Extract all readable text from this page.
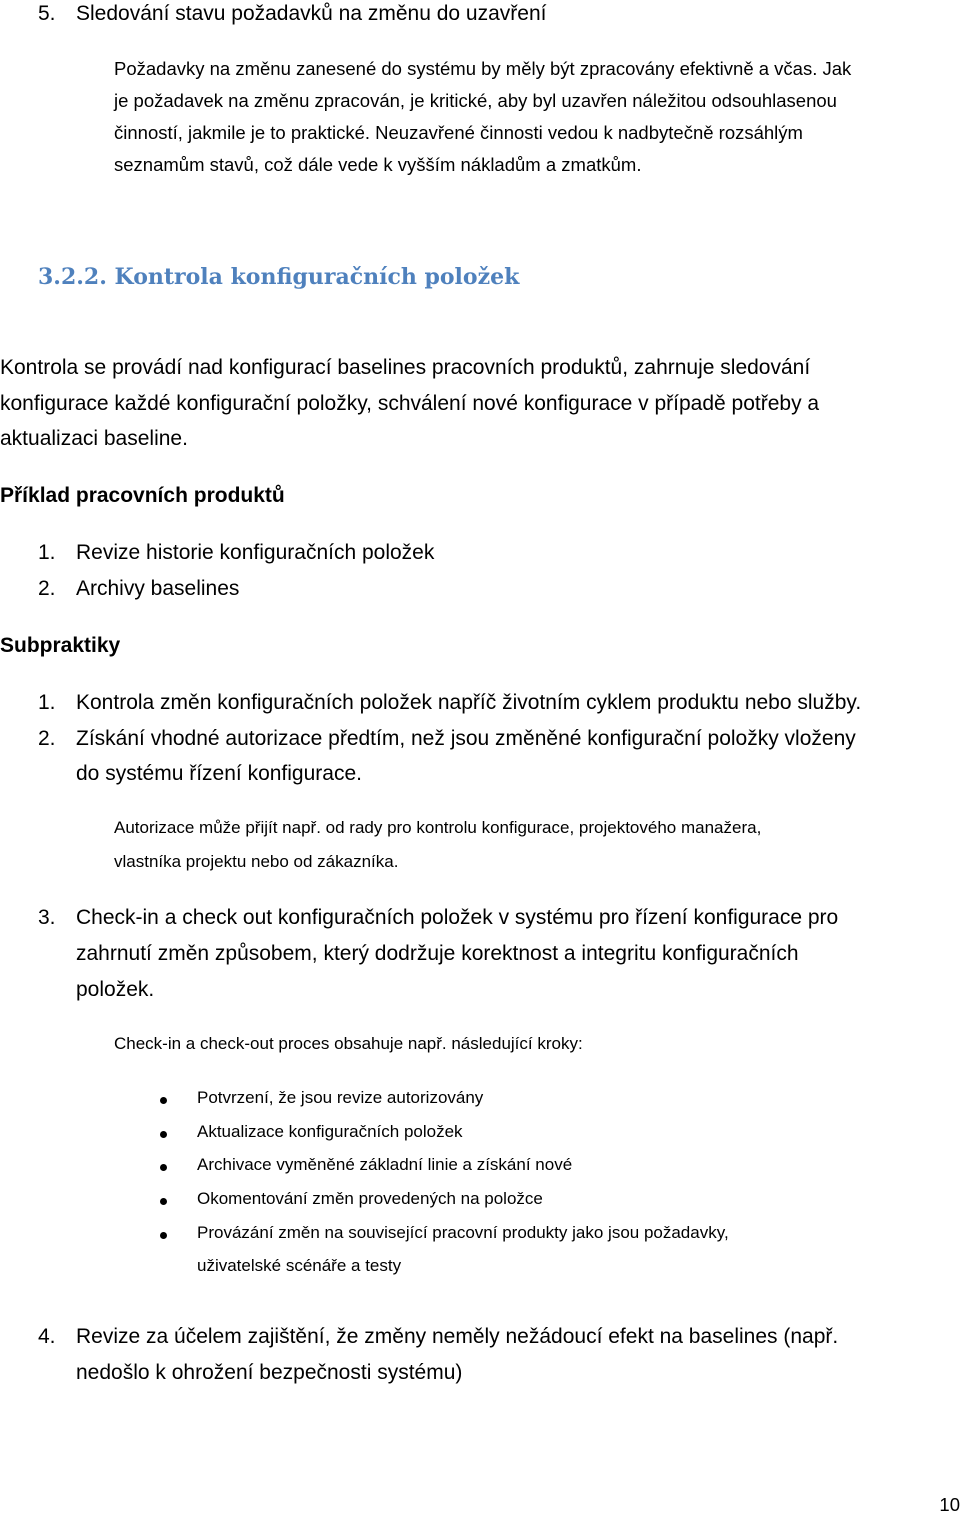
5. Sledování stavu požadavků na změnu do uzavření
Požadavky na změnu zanesené do systému by měly být zpracovány efektivně a včas. Jak
je požadavek na změnu zpracován, je kritické, aby byl uzavřen náležitou odsouhlasenou
činností, jakmile je to praktické. Neuzavřené činnosti vedou k nadbytečně rozsáhlým
seznamům stavů, což dále vede k vyšším nákladům a zmatkům.
3.2.2. Kontrola konfiguračních položek
Kontrola se provádí nad konfigurací baselines pracovních produktů, zahrnuje sledování
konfigurace každé konfigurační položky, schválení nové konfigurace v případě potřeby a
aktualizaci baseline.
Příklad pracovních produktů
1. Revize historie konfiguračních položek
2. Archivy baselines
Subpraktiky
1. Kontrola změn konfiguračních položek napříč životním cyklem produktu nebo služby.
2. Získání vhodné autorizace předtím, než jsou změněné konfigurační položky vloženy
do systému řízení konfigurace.
Autorizace může přijít např. od rady pro kontrolu konfigurace, projektového manažera,
vlastníka projektu nebo od zákazníka.
3. Check-in a check out konfiguračních položek v systému pro řízení konfigurace pro
zahrnutí změn způsobem, který dodržuje korektnost a integritu konfiguračních
položek.
Check-in a check-out proces obsahuje např. následující kroky:
Potvrzení, že jsou revize autorizovány
Aktualizace konfiguračních položek
Archivace vyměněné základní linie a získání nové
Okomentování změn provedených na položce
Provázání změn na související pracovní produkty jako jsou požadavky,
uživatelské scénáře a testy
4. Revize za účelem zajištění, že změny neměly nežádoucí efekt na baselines (např.
nedošlo k ohrožení bezpečnosti systému)
10
